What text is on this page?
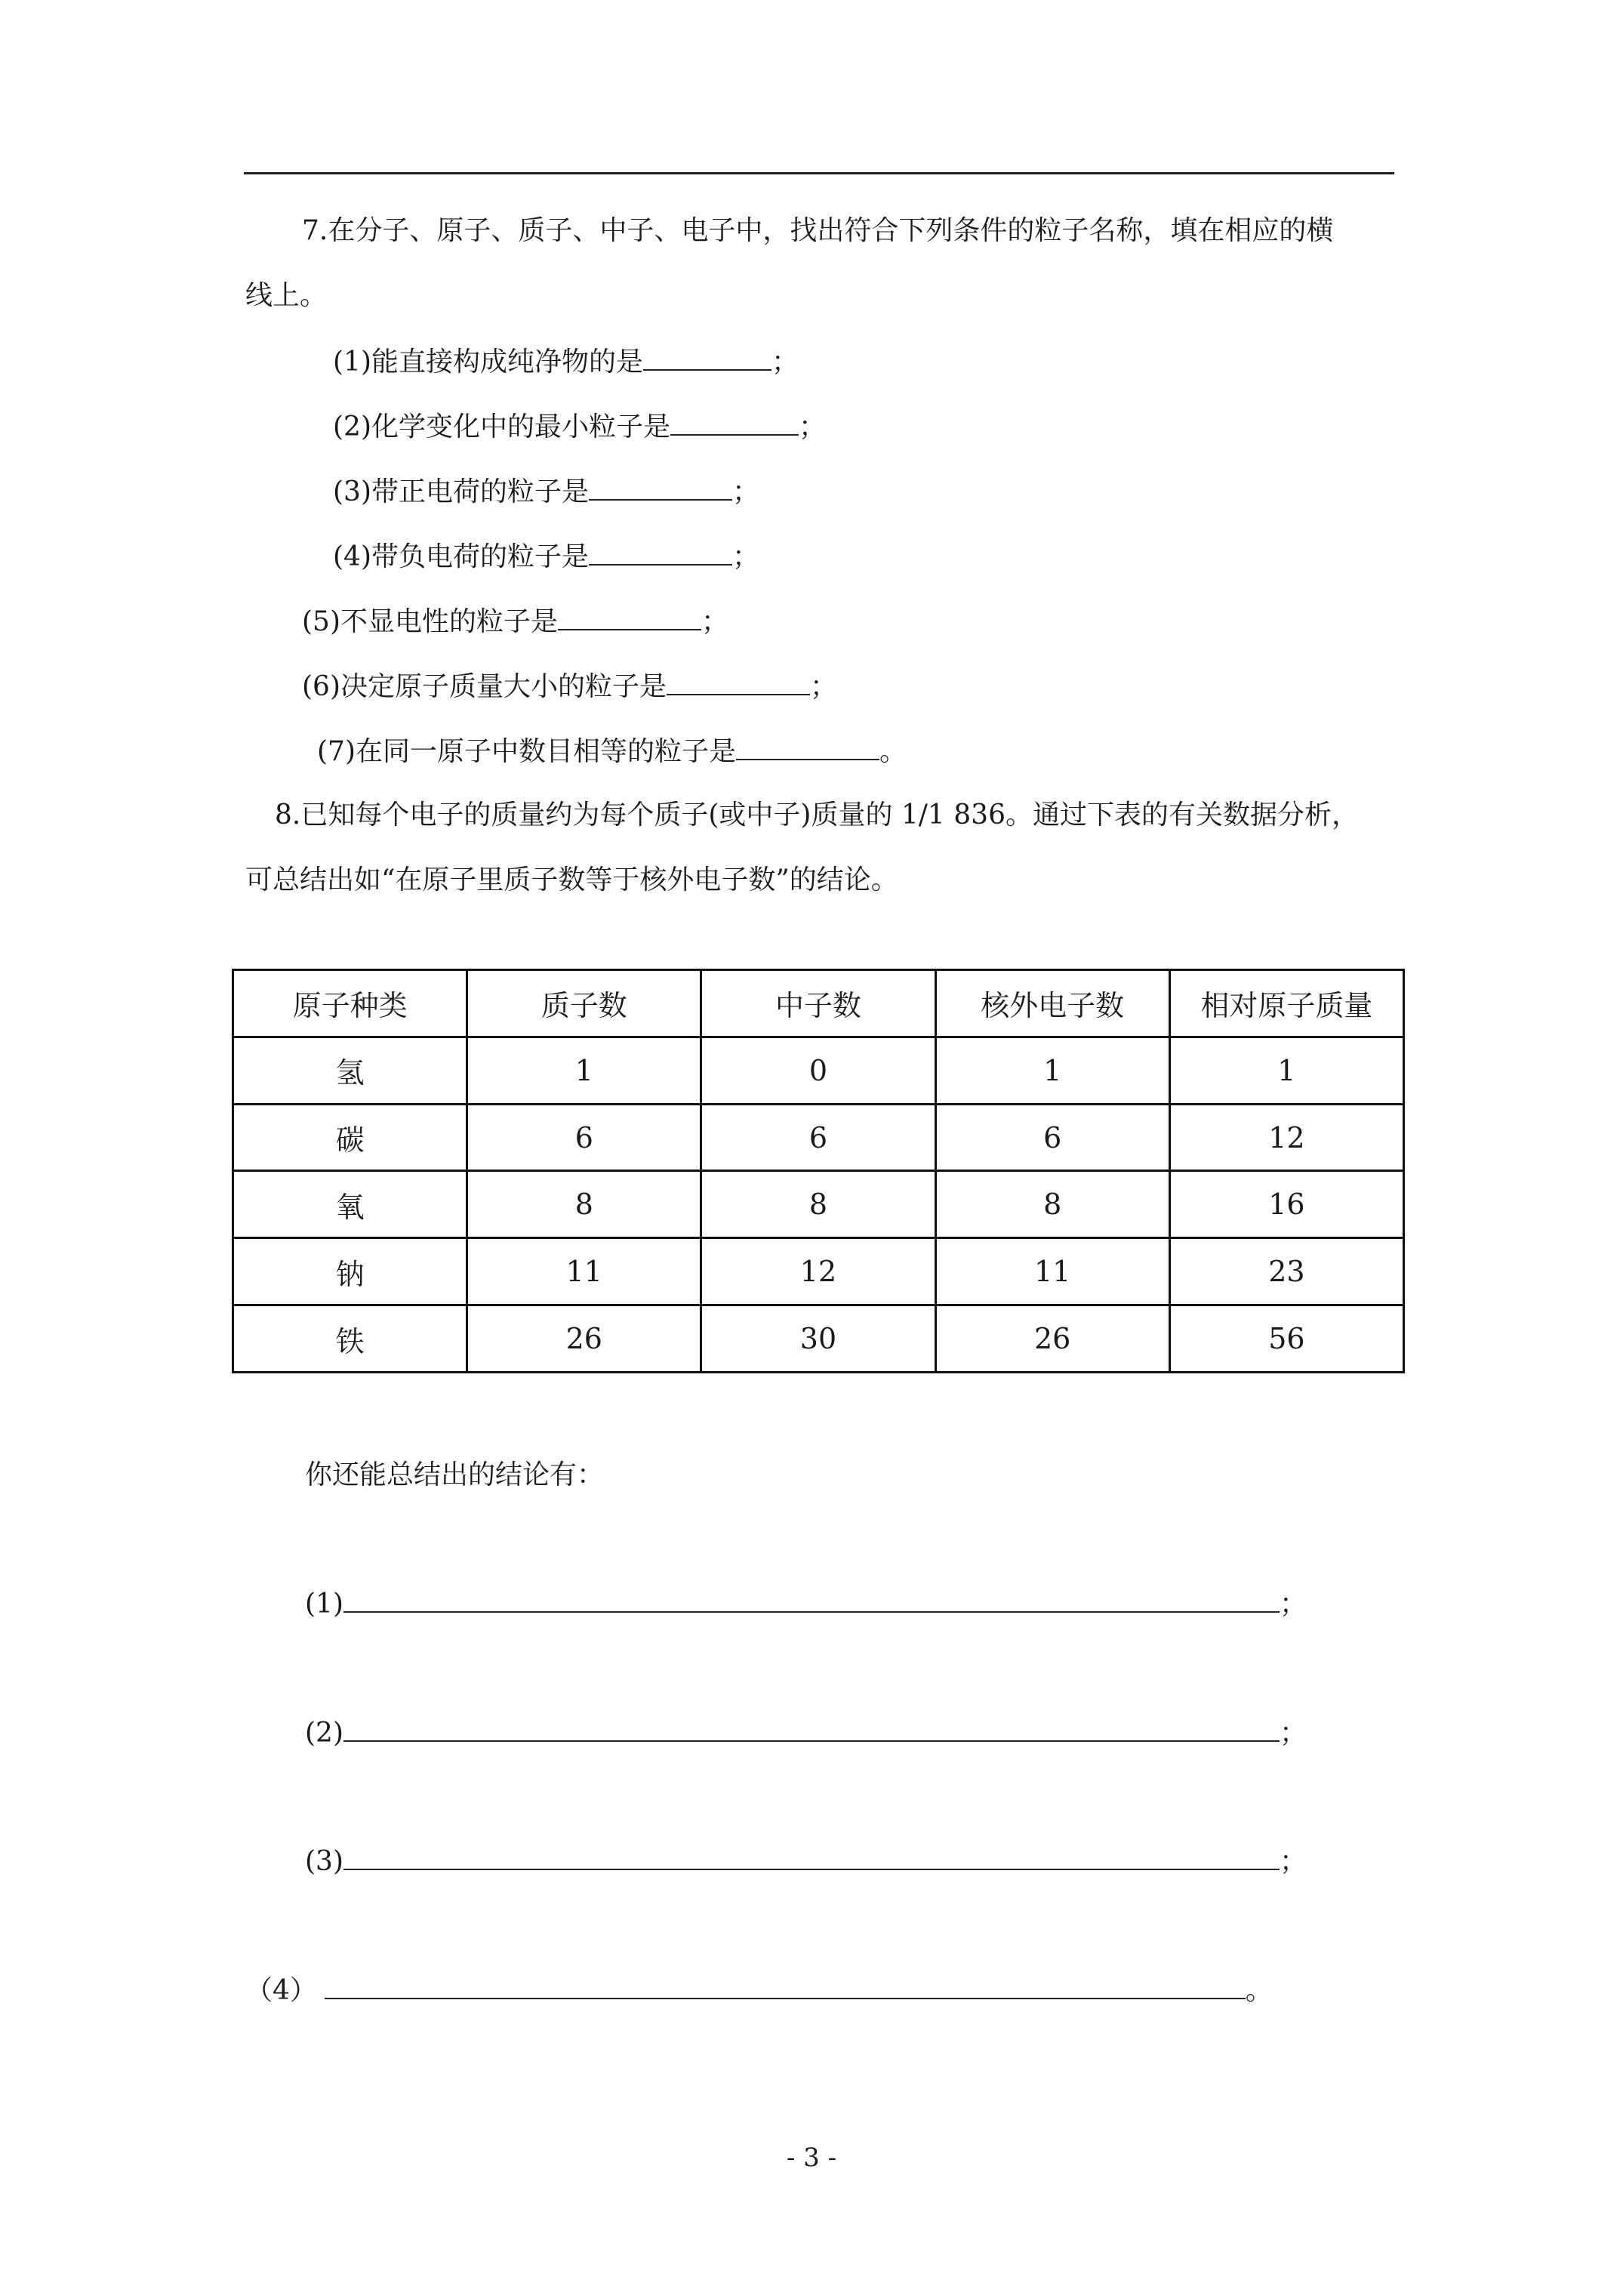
7.在分子、原子、质子、中子、电子中，找出符合下列条件的粒子名称，填在相应的横
线上。
(1)能直接构成纯净物的是	；
(2)化学变化中的最小粒子是	；
(3)带正电荷的粒子是	；
(4)带负电荷的粒子是	；
(5)不显电性的粒子是	；
(6)决定原子质量大小的粒子是	；
(7)在同一原子中数目相等的粒子是	。
8.已知每个电子的质量约为每个质子(或中子)质量的 1/1 836。通过下表的有关数据分析，
可总结出如“在原子里质子数等于核外电子数”的结论。
原子种类	质子数	中子数	核外电子数	相对原子质量
氢	1	0	1	1
碳	6	6	6	12
氧	8	8	8	16
钠	11	12	11	23
铁	26	30	26	56
你还能总结出的结论有：
(1)	；
(2)	；
(3)	；
（4）	。
- 3 -
